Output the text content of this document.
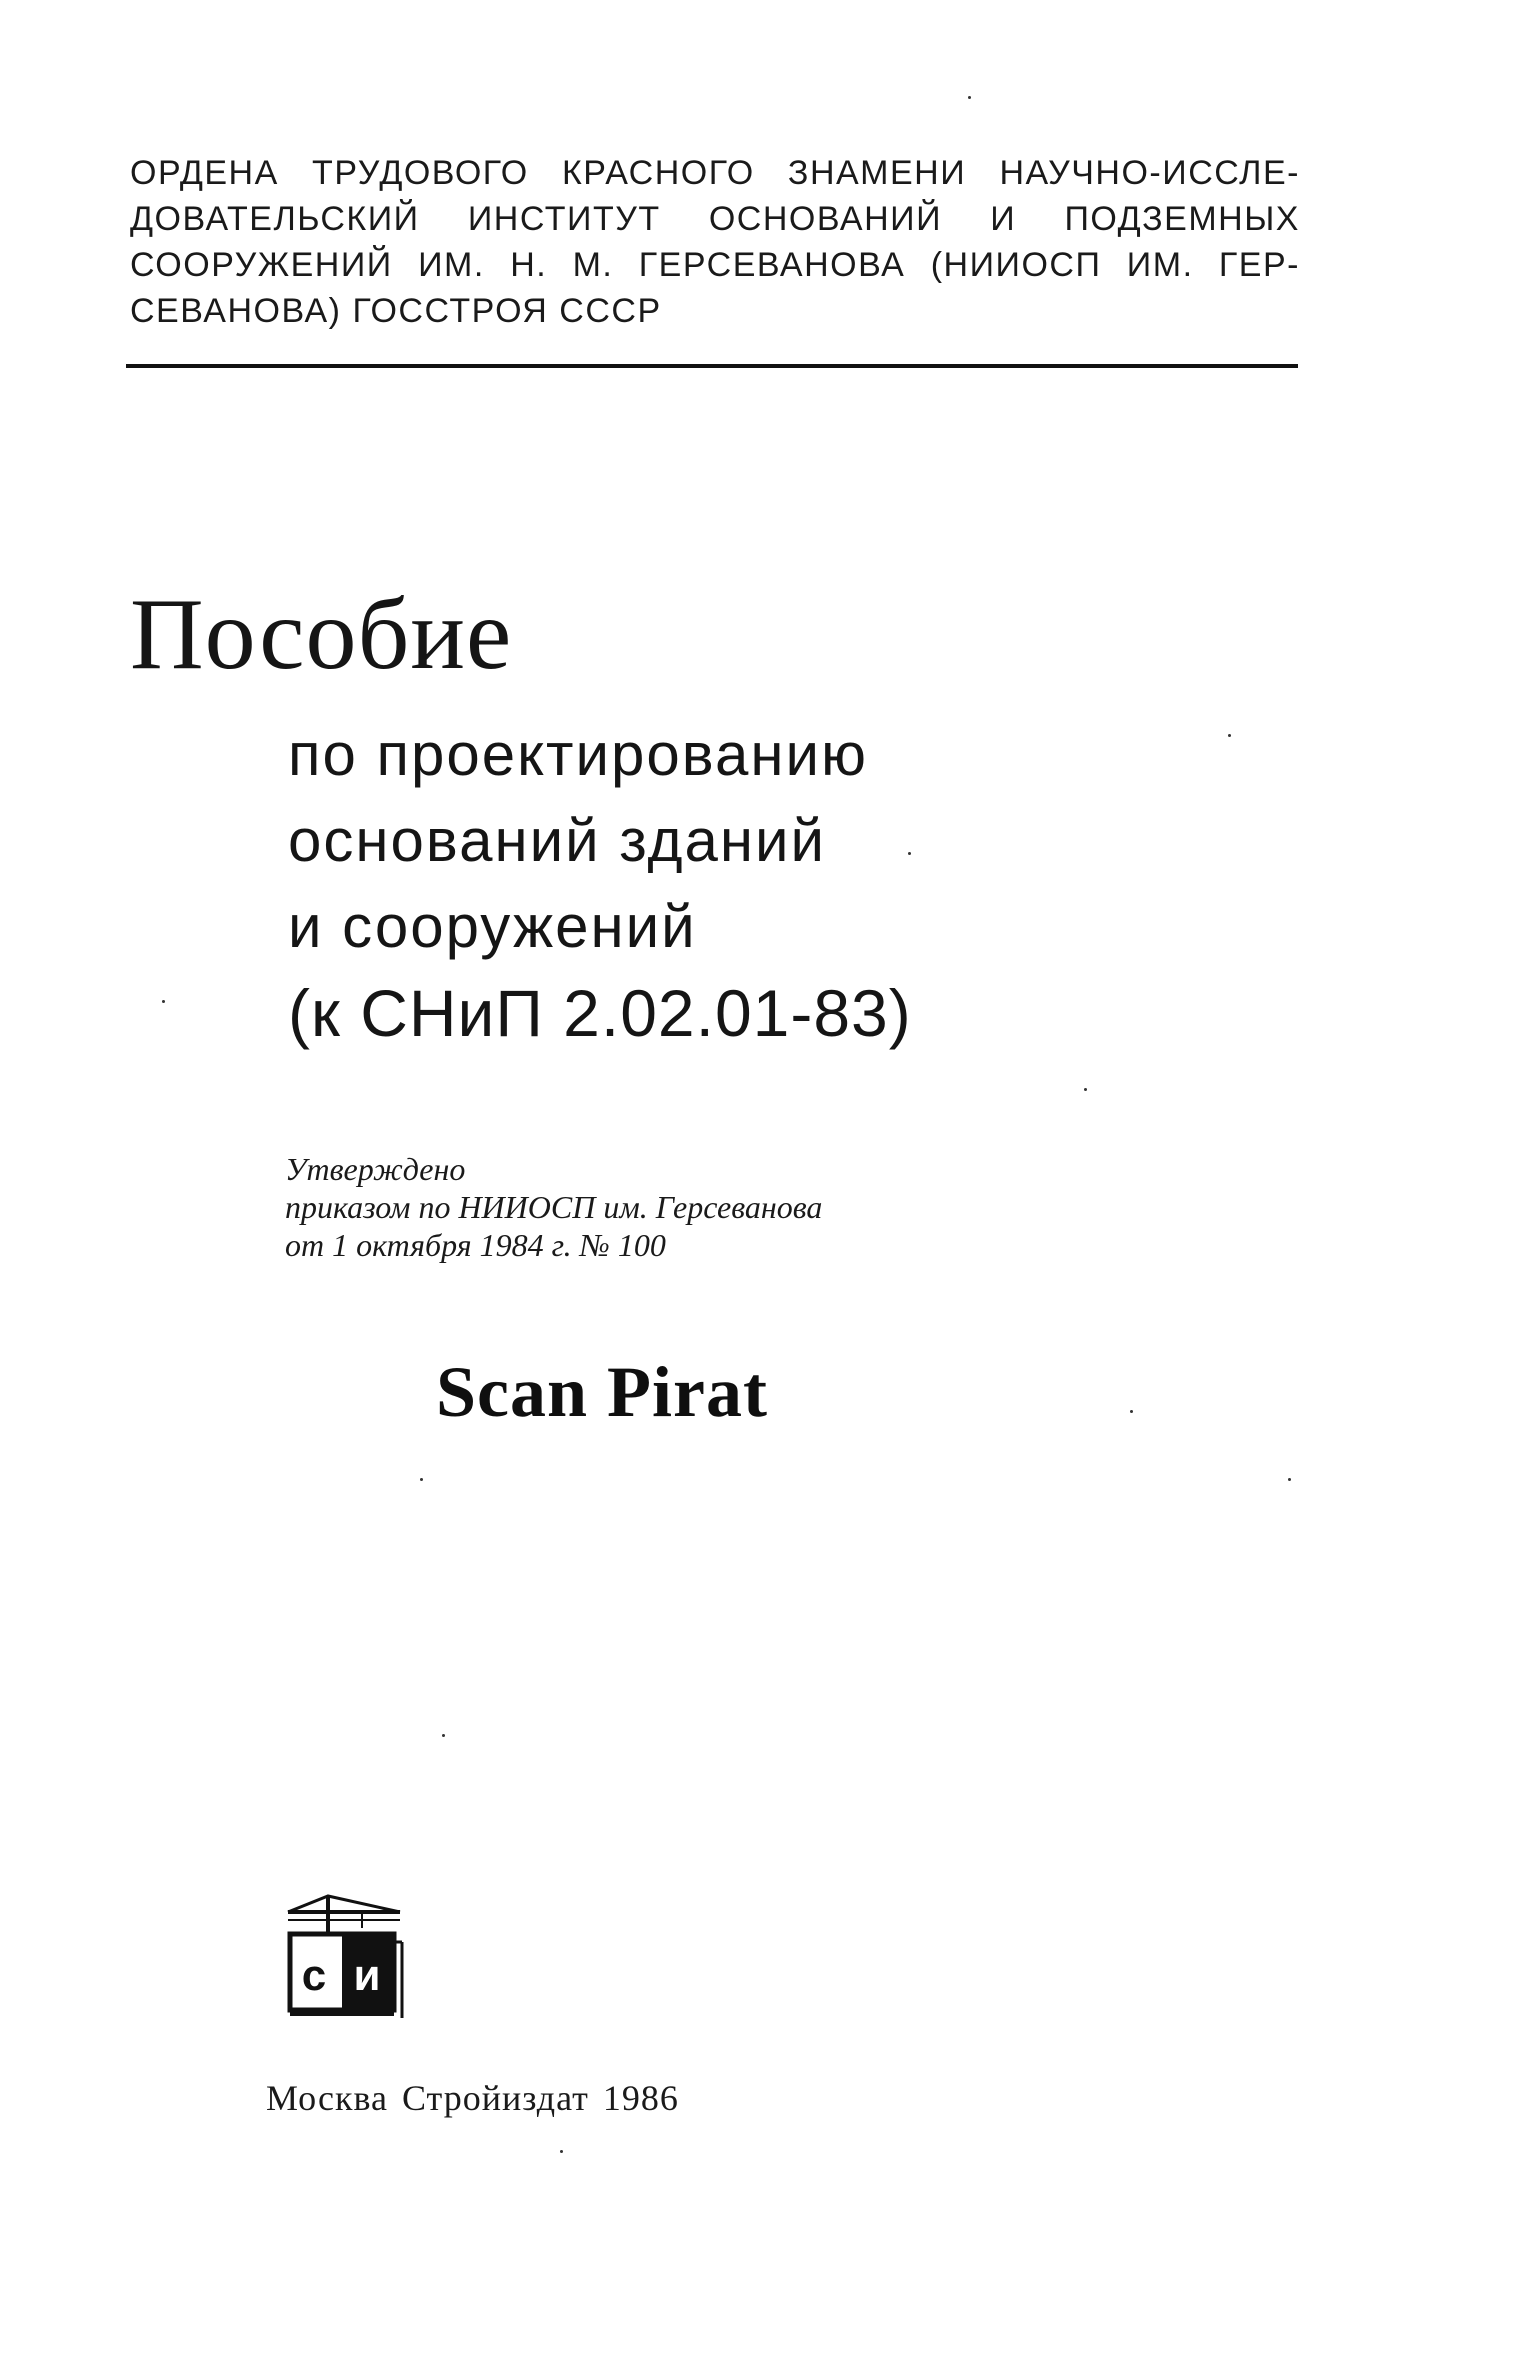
ОРДЕНА ТРУДОВОГО КРАСНОГО ЗНАМЕНИ НАУЧНО-ИССЛЕ-
ДОВАТЕЛЬСКИЙ ИНСТИТУТ ОСНОВАНИЙ И ПОДЗЕМНЫХ
СООРУЖЕНИЙ ИМ. Н. М. ГЕРСЕВАНОВА (НИИОСП ИМ. ГЕР-
СЕВАНОВА) ГОССТРОЯ СССР
Пособие
по проектированию
оснований зданий
и сооружений
(к СНиП 2.02.01-83)
Утверждено
приказом по НИИОСП им. Герсеванова
от 1 октября 1984 г. № 100
Scan Pirat
с и
Москва Стройиздат 1986
